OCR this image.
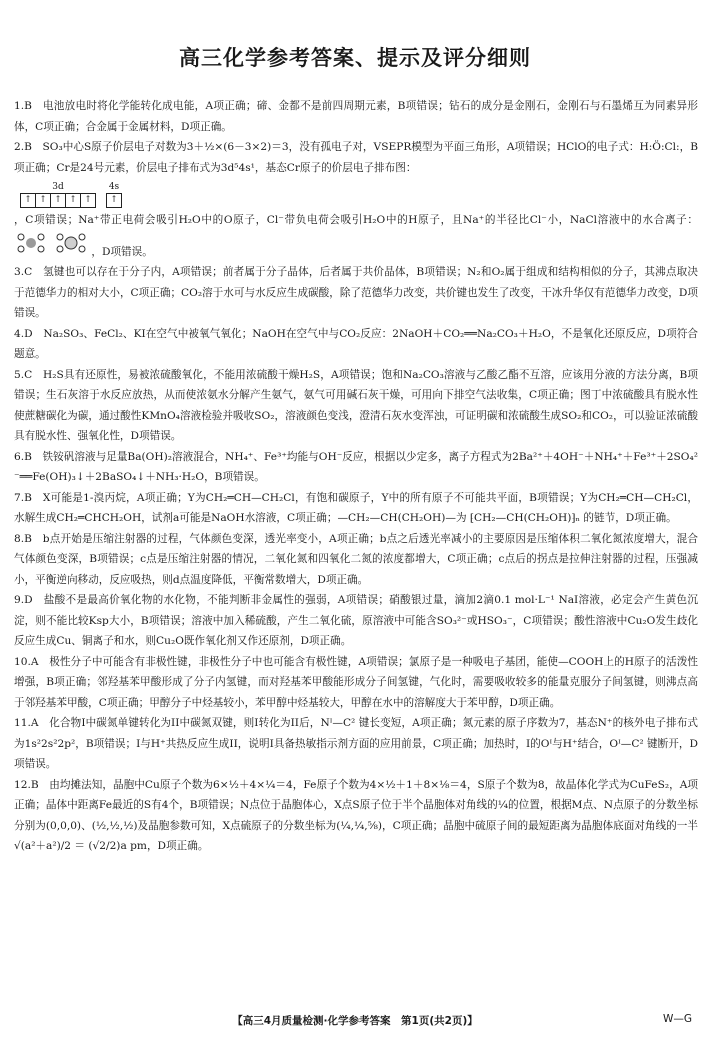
高三化学参考答案、提示及评分细则

1.B　电池放电时将化学能转化成电能，A项正确；碲、金都不是前四周期元素，B项错误；钻石的成分是金刚石，金刚石与石墨烯互为同素异形体，C项正确；合金属于金属材料，D项正确。

2.B　SO₃中心S原子价层电子对数为3＋½×(6－3×2)＝3，没有孤电子对，VSEPR模型为平面三角形，A项错误；HClO的电子式：H:Ö:Cl:，B项正确；Cr是24号元素，价层电子排布式为3d⁵4s¹，基态Cr原子的价层电子排布图：

3d
↑ ↑ ↑ ↑ ↑
4s
↑

，C项错误；Na⁺带正电荷会吸引H₂O中的O原子，Cl⁻带负电荷会吸引H₂O中的H原子，且Na⁺的半径比Cl⁻小，NaCl溶液中的水合离子：
，D项错误。

3.C　氢键也可以存在于分子内，A项错误；前者属于分子晶体，后者属于共价晶体，B项错误；N₂和O₂属于组成和结构相似的分子，其沸点取决于范德华力的相对大小，C项正确；CO₂溶于水可与水反应生成碳酸，除了范德华力改变，共价键也发生了改变，干冰升华仅有范德华力改变，D项错误。

4.D　Na₂SO₃、FeCl₂、KI在空气中被氧气氧化；NaOH在空气中与CO₂反应：2NaOH＋CO₂══Na₂CO₃＋H₂O，不是氧化还原反应，D项符合题意。

5.C　H₂S具有还原性，易被浓硫酸氧化，不能用浓硫酸干燥H₂S，A项错误；饱和Na₂CO₃溶液与乙酸乙酯不互溶，应该用分液的方法分离，B项错误；生石灰溶于水反应放热，从而使浓氨水分解产生氨气，氨气可用碱石灰干燥，可用向下排空气法收集，C项正确；图丁中浓硫酸具有脱水性使蔗糖碳化为碳，通过酸性KMnO₄溶液检验并吸收SO₂，溶液颜色变浅，澄清石灰水变浑浊，可证明碳和浓硫酸生成SO₂和CO₂，可以验证浓硫酸具有脱水性、强氧化性，D项错误。

6.B　铁铵矾溶液与足量Ba(OH)₂溶液混合，NH₄⁺、Fe³⁺均能与OH⁻反应，根据以少定多，离子方程式为2Ba²⁺＋4OH⁻＋NH₄⁺＋Fe³⁺＋2SO₄²⁻══Fe(OH)₃↓＋2BaSO₄↓＋NH₃·H₂O，B项错误。

7.B　X可能是1-溴丙烷，A项正确；Y为CH₂═CH—CH₂Cl，有饱和碳原子，Y中的所有原子不可能共平面，B项错误；Y为CH₂═CH—CH₂Cl，水解生成CH₂═CHCH₂OH，试剂a可能是NaOH水溶液，C项正确；—CH₂—CH(CH₂OH)—为 ⁅CH₂—CH(CH₂OH)⁆ₙ 的链节，D项正确。

8.B　b点开始是压缩注射器的过程，气体颜色变深，透光率变小，A项正确；b点之后透光率减小的主要原因是压缩体积二氧化氮浓度增大，混合气体颜色变深，B项错误；c点是压缩注射器的情况，二氧化氮和四氧化二氮的浓度都增大，C项正确；c点后的拐点是拉伸注射器的过程，压强减小，平衡逆向移动，反应吸热，则d点温度降低，平衡常数增大，D项正确。

9.D　盐酸不是最高价氧化物的水化物，不能判断非金属性的强弱，A项错误；硝酸银过量，滴加2滴0.1 mol·L⁻¹ NaI溶液，必定会产生黄色沉淀，则不能比较Ksp大小，B项错误；溶液中加入稀硫酸，产生二氧化硫，原溶液中可能含SO₃²⁻或HSO₃⁻，C项错误；酸性溶液中Cu₂O发生歧化反应生成Cu、铜离子和水，则Cu₂O既作氧化剂又作还原剂，D项正确。

10.A　极性分子中可能含有非极性键，非极性分子中也可能含有极性键，A项错误；氯原子是一种吸电子基团，能使—COOH上的H原子的活泼性增强，B项正确；邻羟基苯甲酸形成了分子内氢键，而对羟基苯甲酸能形成分子间氢键，气化时，需要吸收较多的能量克服分子间氢键，则沸点高于邻羟基苯甲酸，C项正确；甲醇分子中烃基较小，苯甲醇中烃基较大，甲醇在水中的溶解度大于苯甲醇，D项正确。

11.A　化合物I中碳氮单键转化为II中碳氮双键，则I转化为II后，Nᴵ—C² 键长变短，A项正确；氮元素的原子序数为7，基态N⁺的核外电子排布式为1s²2s²2p²，B项错误；I与H⁺共热反应生成II，说明I具备热敏指示剂方面的应用前景，C项正确；加热时，I的Oᴵ与H⁺结合，Oᴵ—C² 键断开，D项错误。

12.B　由均摊法知，晶胞中Cu原子个数为6×½＋4×¼＝4，Fe原子个数为4×½＋1＋8×⅛＝4，S原子个数为8，故晶体化学式为CuFeS₂，A项正确；晶体中距离Fe最近的S有4个，B项错误；N点位于晶胞体心，X点S原子位于半个晶胞体对角线的¼的位置，根据M点、N点原子的分数坐标分别为(0,0,0)、(½,½,½)及晶胞参数可知，X点硫原子的分数坐标为(¼,¼,⅝)，C项正确；晶胞中硫原子间的最短距离为晶胞体底面对角线的一半 √(a²＋a²)/2 ＝ (√2/2)a pm，D项正确。

【高三4月质量检测·化学参考答案　第1页(共2页)】	W—G
